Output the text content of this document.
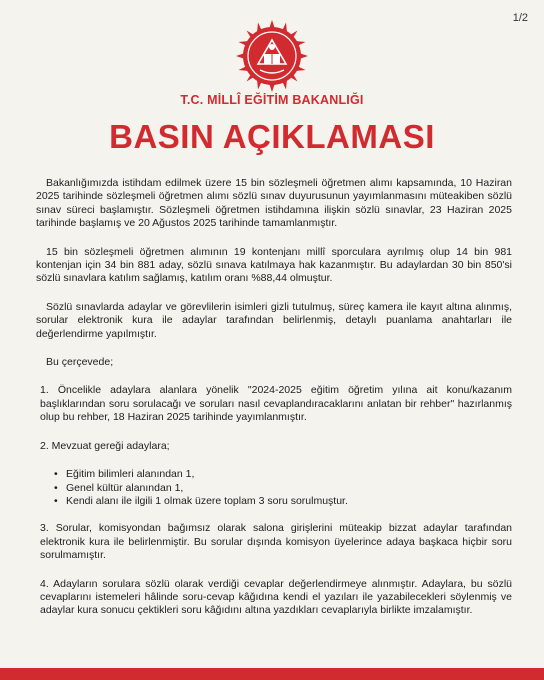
1/2
T.C. MİLLÎ EĞİTİM BAKANLIĞI
BASIN AÇIKLAMASI

Bakanlığımızda istihdam edilmek üzere 15 bin sözleşmeli öğretmen alımı kapsamında, 10 Haziran 2025 tarihinde sözleşmeli öğretmen alımı sözlü sınav duyurusunun yayımlanmasını müteakiben sözlü sınav süreci başlamıştır. Sözleşmeli öğretmen istihdamına ilişkin sözlü sınavlar, 23 Haziran 2025 tarihinde başlamış ve 20 Ağustos 2025 tarihinde tamamlanmıştır.

15 bin sözleşmeli öğretmen alımının 19 kontenjanı millî sporculara ayrılmış olup 14 bin 981 kontenjan için 34 bin 881 aday, sözlü sınava katılmaya hak kazanmıştır. Bu adaylardan 30 bin 850'si sözlü sınavlara katılım sağlamış, katılım oranı %88,44 olmuştur.

Sözlü sınavlarda adaylar ve görevlilerin isimleri gizli tutulmuş, süreç kamera ile kayıt altına alınmış, sorular elektronik kura ile adaylar tarafından belirlenmiş, detaylı puanlama anahtarları ile değerlendirme yapılmıştır.

Bu çerçevede;

1. Öncelikle adaylara alanlara yönelik "2024-2025 eğitim öğretim yılına ait konu/kazanım başlıklarından soru sorulacağı ve soruları nasıl cevaplandıracaklarını anlatan bir rehber" hazırlanmış olup bu rehber, 18 Haziran 2025 tarihinde yayımlanmıştır.

2. Mevzuat gereği adaylara;

• Eğitim bilimleri alanından 1,
• Genel kültür alanından 1,
• Kendi alanı ile ilgili 1 olmak üzere toplam 3 soru sorulmuştur.

3. Sorular, komisyondan bağımsız olarak salona girişlerini müteakip bizzat adaylar tarafından elektronik kura ile belirlenmiştir. Bu sorular dışında komisyon üyelerince adaya başkaca hiçbir soru sorulmamıştır.

4. Adayların sorulara sözlü olarak verdiği cevaplar değerlendirmeye alınmıştır. Adaylara, bu sözlü cevaplarını istemeleri hâlinde soru-cevap kâğıdına kendi el yazıları ile yazabilecekleri söylenmiş ve adaylar kura sonucu çektikleri soru kâğıdını altına yazdıkları cevaplarıyla birlikte imzalamıştır.
